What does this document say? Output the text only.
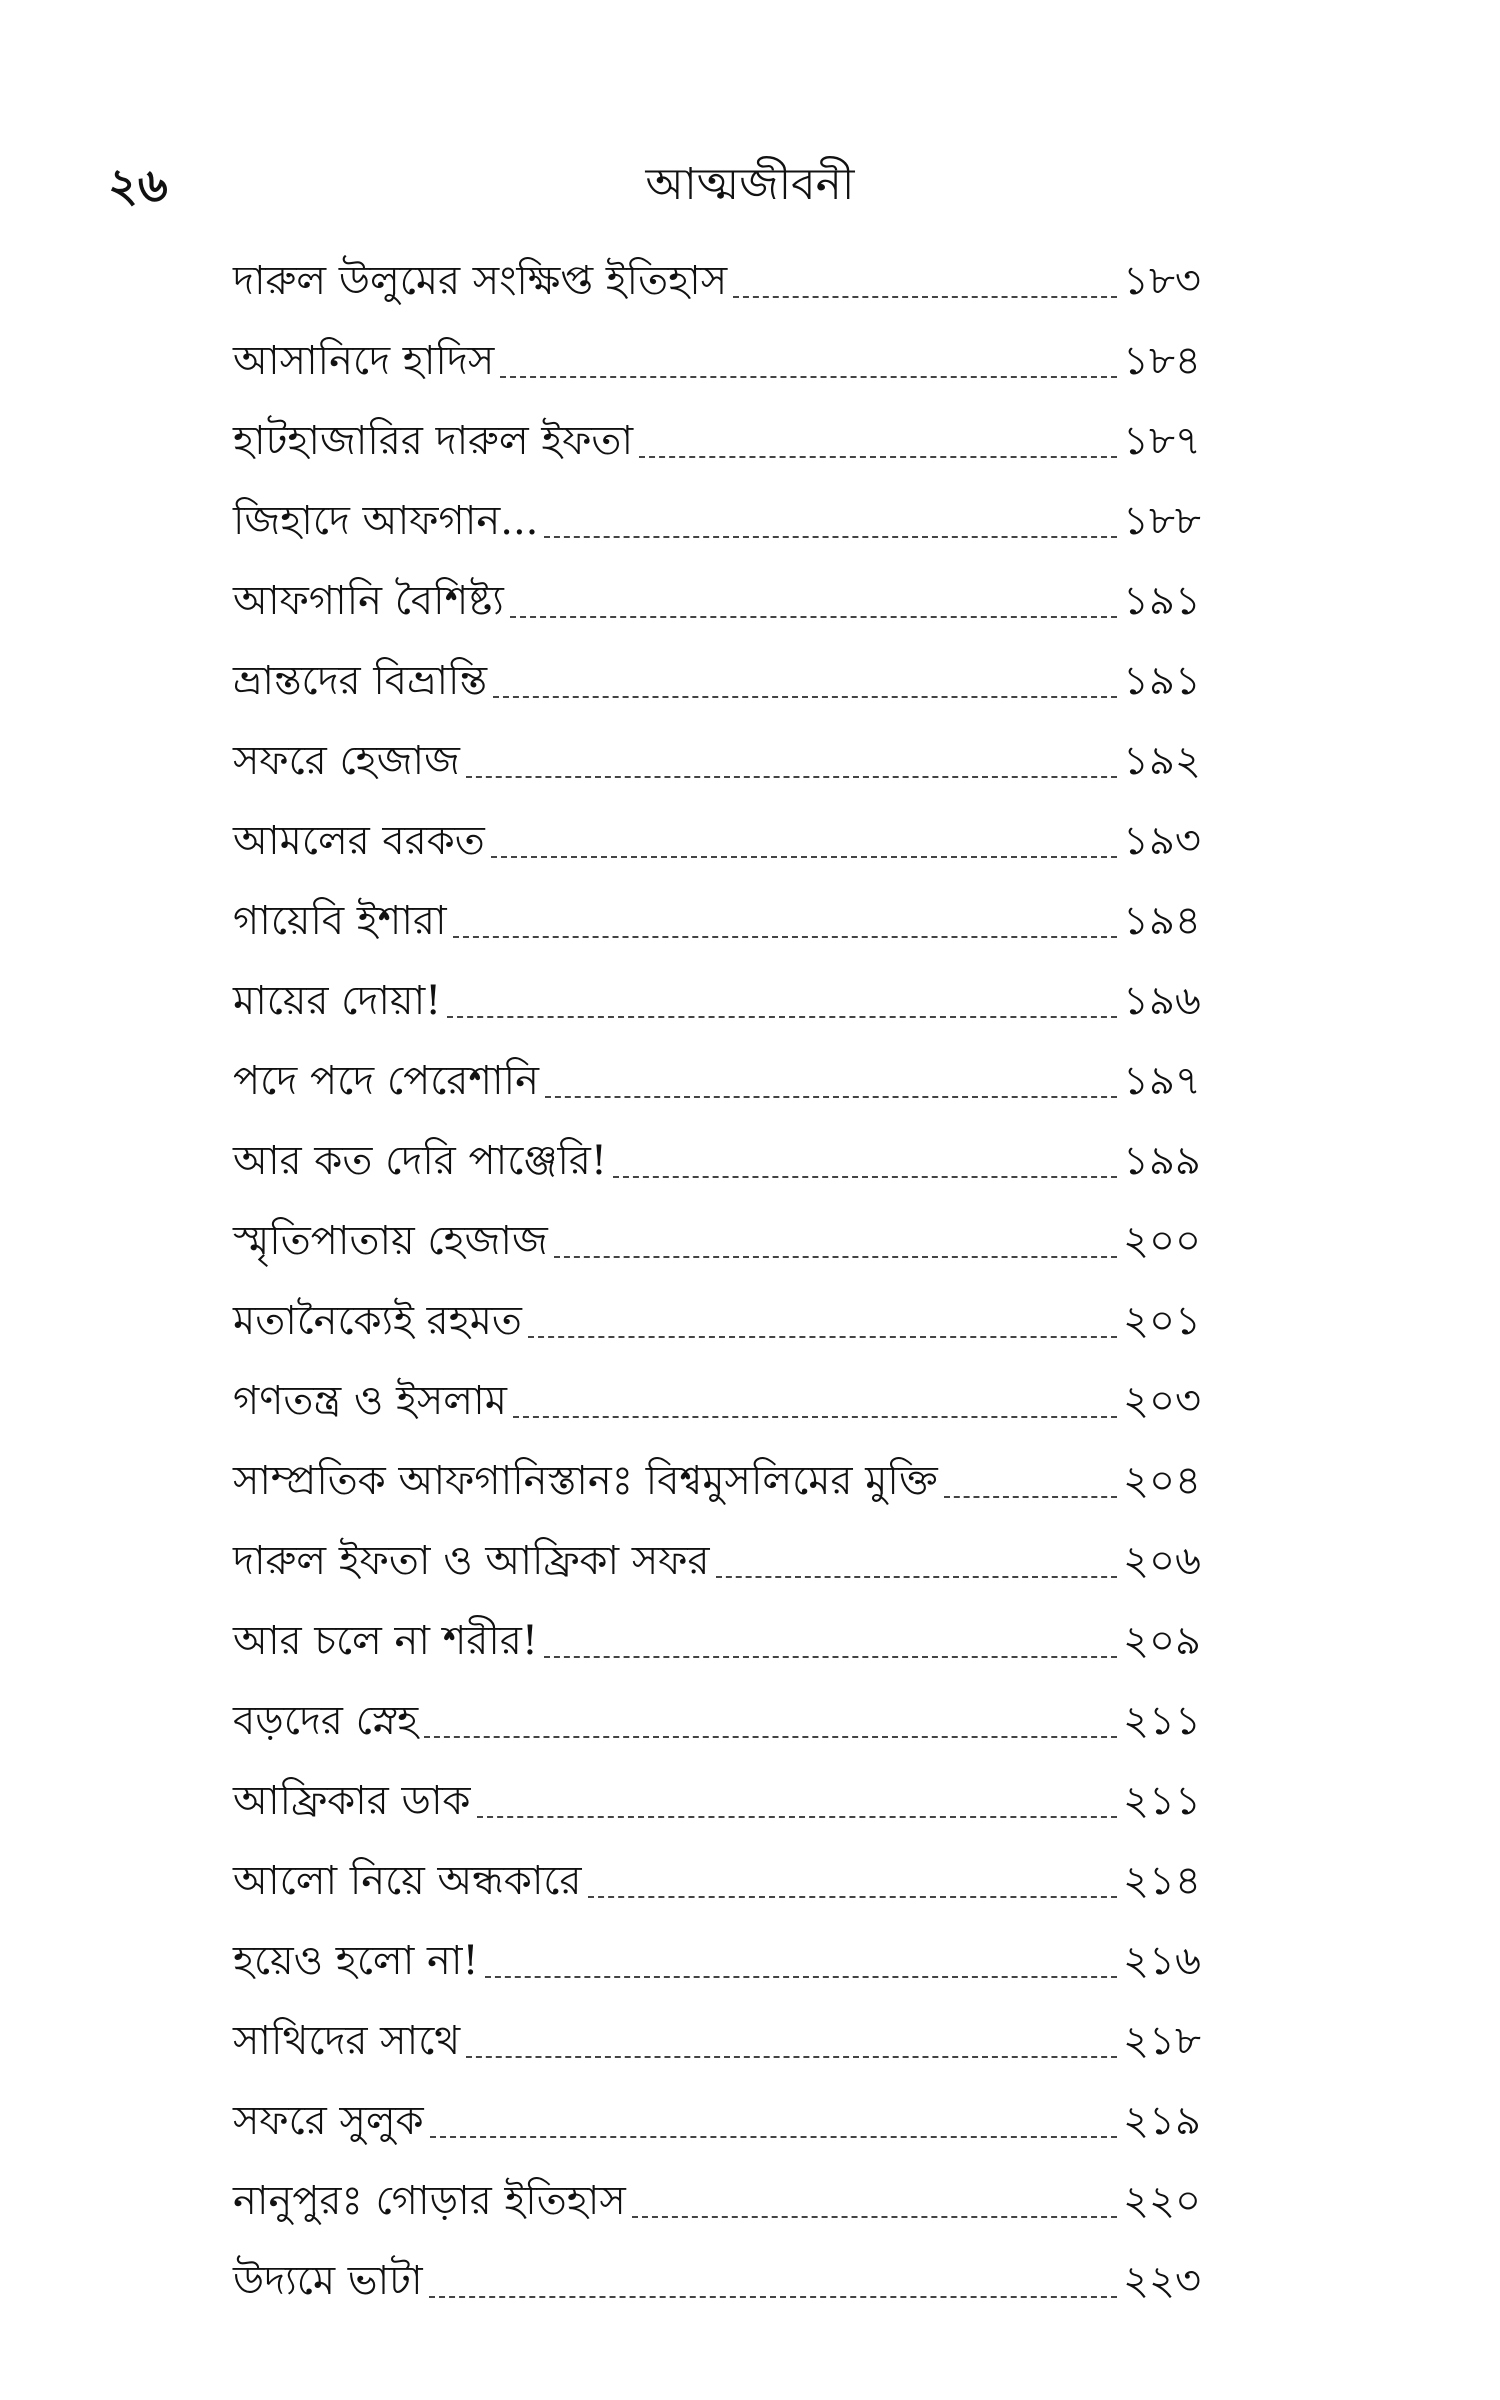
২৬	আত্মজীবনী
দারুল উলুমের সংক্ষিপ্ত ইতিহাস	১৮৩
আসানিদে হাদিস	১৮৪
হাটহাজারির দারুল ইফতা	১৮৭
জিহাদে আফগান...	১৮৮
আফগানি বৈশিষ্ট্য	১৯১
ভ্রান্তদের বিভ্রান্তি	১৯১
সফরে হেজাজ	১৯২
আমলের বরকত	১৯৩
গায়েবি ইশারা	১৯৪
মায়ের দোয়া!	১৯৬
পদে পদে পেরেশানি	১৯৭
আর কত দেরি পাঞ্জেরি!	১৯৯
স্মৃতিপাতায় হেজাজ	২০০
মতানৈক্যেই রহমত	২০১
গণতন্ত্র ও ইসলাম	২০৩
সাম্প্রতিক আফগানিস্তানঃ বিশ্বমুসলিমের মুক্তি	২০৪
দারুল ইফতা ও আফ্রিকা সফর	২০৬
আর চলে না শরীর!	২০৯
বড়দের স্নেহ	২১১
আফ্রিকার ডাক	২১১
আলো নিয়ে অন্ধকারে	২১৪
হয়েও হলো না!	২১৬
সাথিদের সাথে	২১৮
সফরে সুলুক	২১৯
নানুপুরঃ গোড়ার ইতিহাস	২২০
উদ্যমে ভাটা	২২৩
